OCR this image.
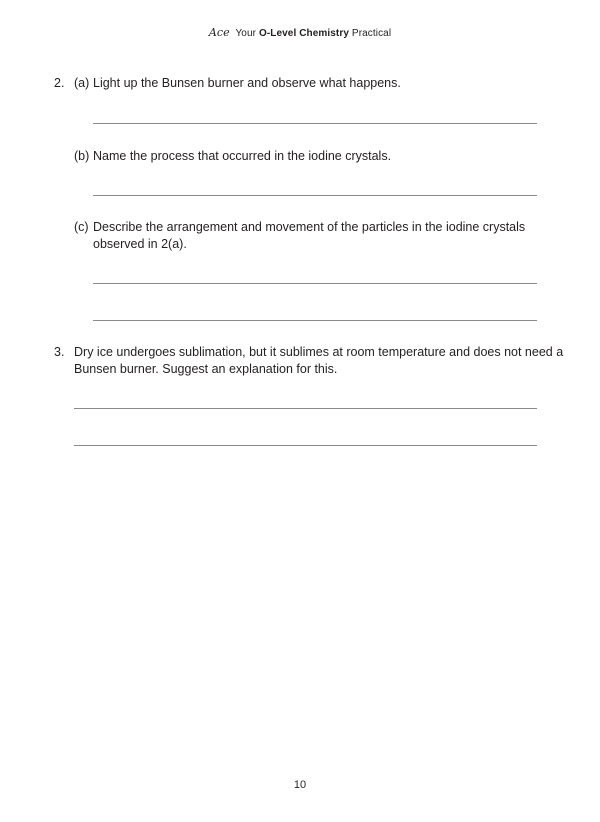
Ace Your O-Level Chemistry Practical
2. (a) Light up the Bunsen burner and observe what happens.
(b) Name the process that occurred in the iodine crystals.
(c) Describe the arrangement and movement of the particles in the iodine crystals
observed in 2(a).
3. Dry ice undergoes sublimation, but it sublimes at room temperature and does not need a
Bunsen burner. Suggest an explanation for this.
10
